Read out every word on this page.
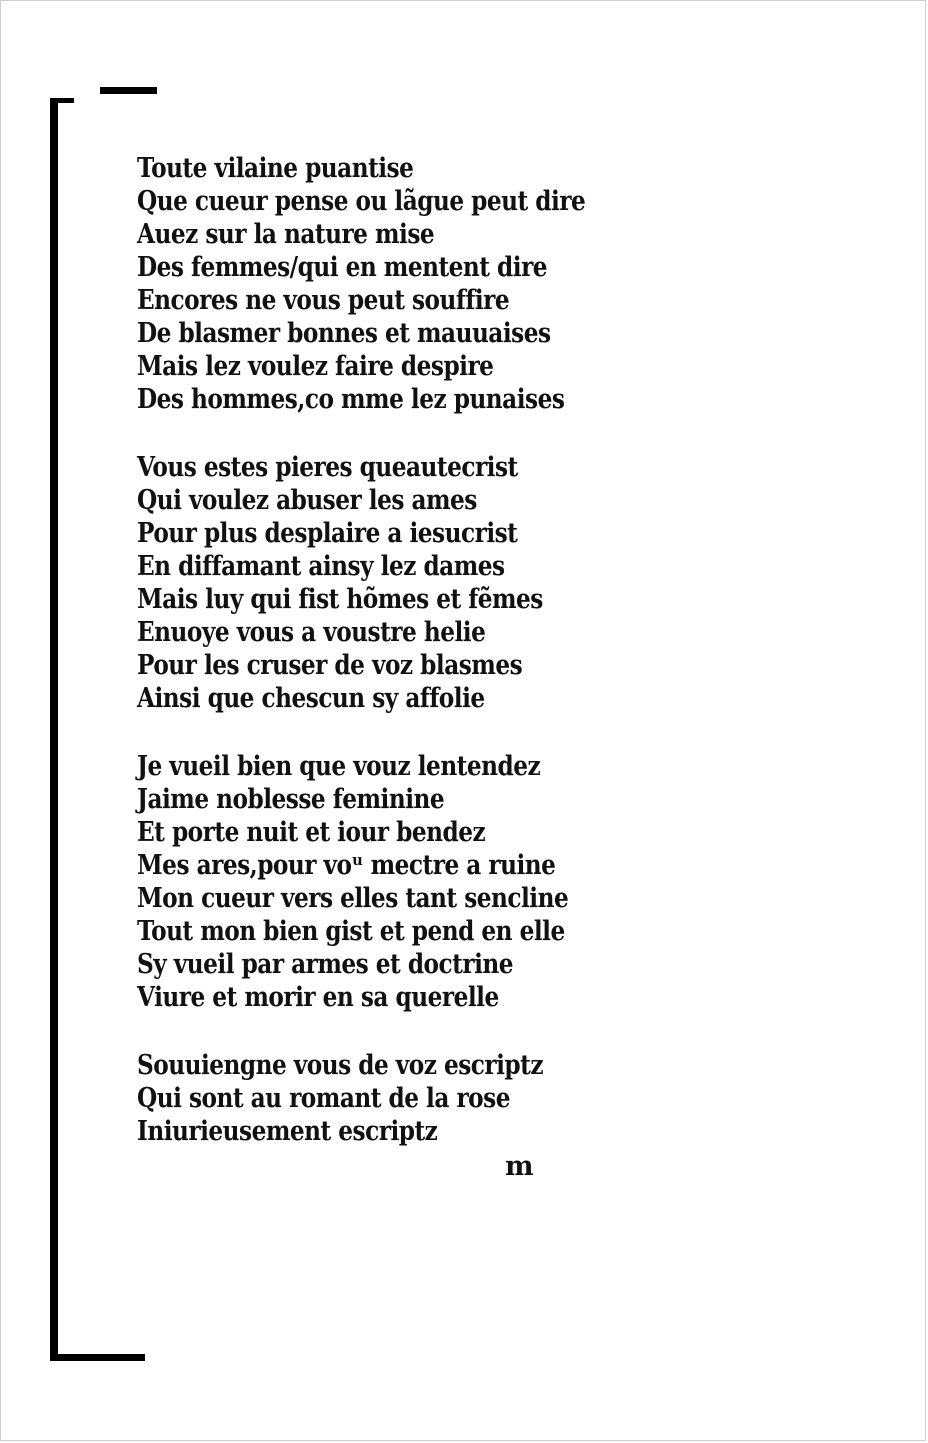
Toute vilaine puantise
Que cueur pense ou lãgue peut dire
Auez sur la nature mise
Des femmes/qui en mentent dire
Encores ne vous peut souffire
De blasmer bonnes et mauuaises
Mais lez voulez faire despire
Des hommes,co mme lez punaises
Vous estes pieres queautecrist
Qui voulez abuser les ames
Pour plus desplaire a iesucrist
En diffamant ainsy lez dames
Mais luy qui fist hõmes et fẽmes
Enuoye vous a voustre helie
Pour les cruser de voz blasmes
Ainsi que chescun sy affolie
Je vueil bien que vouz lentendez
Jaime noblesse feminine
Et porte nuit et iour bendez
Mes ares,pour voᵘ mectre a ruine
Mon cueur vers elles tant sencline
Tout mon bien gist et pend en elle
Sy vueil par armes et doctrine
Viure et morir en sa querelle
Souuiengne vous de voz escriptz
Qui sont au romant de la rose
Iniurieusement escriptz
m
